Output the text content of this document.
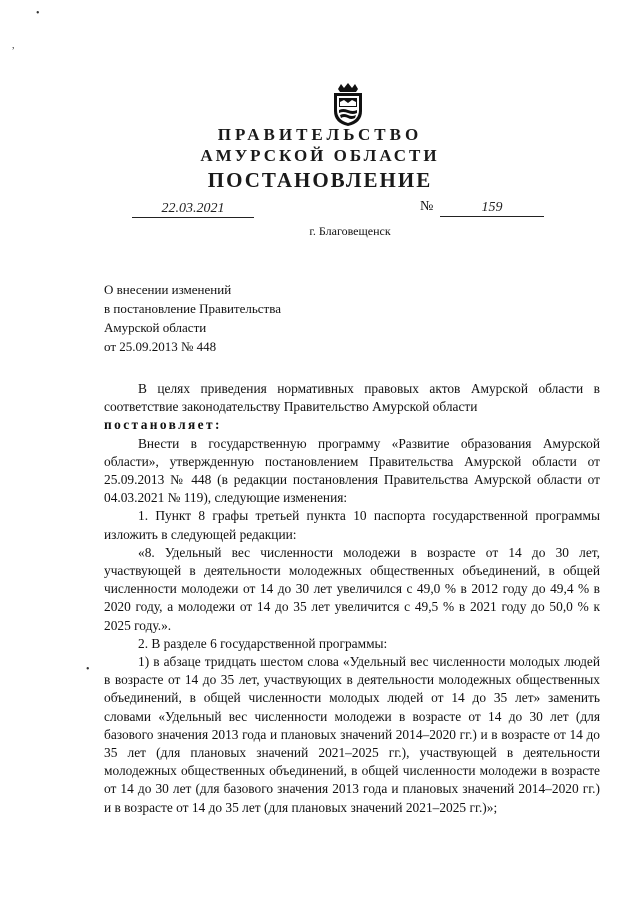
ПРАВИТЕЛЬСТВО
АМУРСКОЙ ОБЛАСТИ
ПОСТАНОВЛЕНИЕ
22.03.2021	№	159
г. Благовещенск
О внесении изменений
в постановление Правительства
Амурской области
от 25.09.2013 № 448

В целях приведения нормативных правовых актов Амурской области в соответствие законодательству Правительство Амурской области

постановляет:

Внести в государственную программу «Развитие образования Амурской области», утвержденную постановлением Правительства Амурской области от 25.09.2013 № 448 (в редакции постановления Правительства Амурской области от 04.03.2021 № 119), следующие изменения:

1. Пункт 8 графы третьей пункта 10 паспорта государственной программы изложить в следующей редакции:

«8. Удельный вес численности молодежи в возрасте от 14 до 30 лет, участвующей в деятельности молодежных общественных объединений, в общей численности молодежи от 14 до 30 лет увеличился с 49,0 % в 2012 году до 49,4 % в 2020 году, а молодежи от 14 до 35 лет увеличится с 49,5 % в 2021 году до 50,0 % к 2025 году.».

2. В разделе 6 государственной программы:

1) в абзаце тридцать шестом слова «Удельный вес численности молодых людей в возрасте от 14 до 35 лет, участвующих в деятельности молодежных общественных объединений, в общей численности молодых людей от 14 до 35 лет» заменить словами «Удельный вес численности молодежи в возрасте от 14 до 30 лет (для базового значения 2013 года и плановых значений 2014–2020 гг.) и в возрасте от 14 до 35 лет (для плановых значений 2021–2025 гг.), участвующей в деятельности молодежных общественных объединений, в общей численности молодежи в возрасте от 14 до 30 лет (для базового значения 2013 года и плановых значений 2014–2020 гг.) и в возрасте от 14 до 35 лет (для плановых значений 2021–2025 гг.)»;

•
,
•
